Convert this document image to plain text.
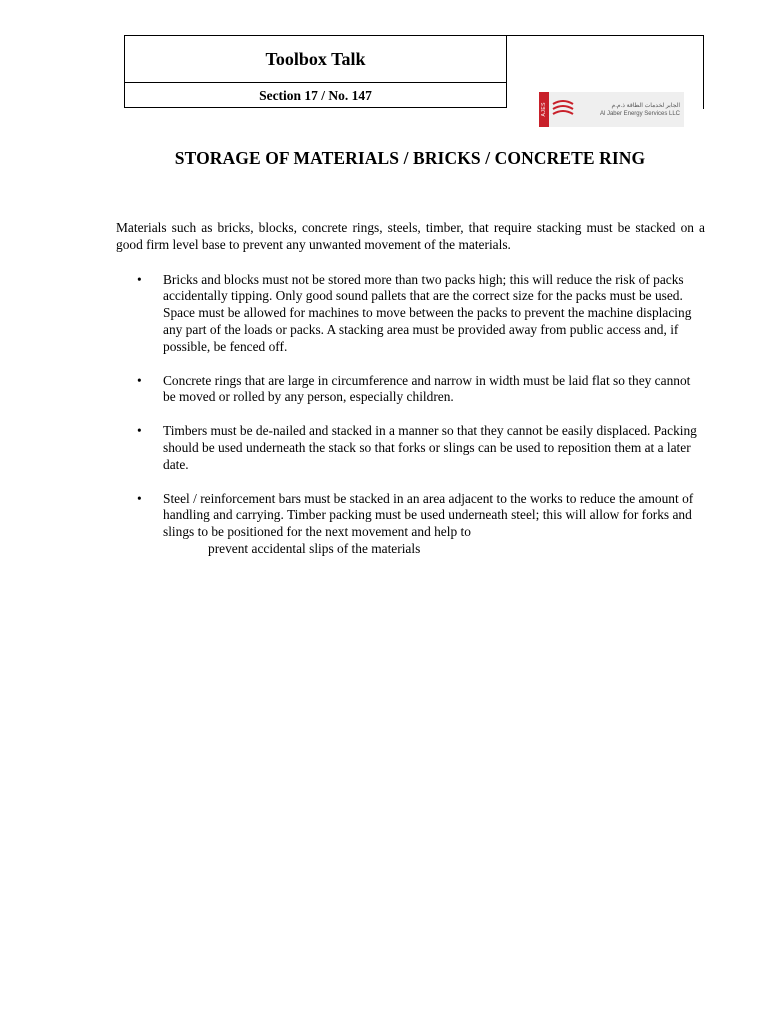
Toolbox Talk
Section 17 / No. 147
AJES	الجابر لخدمات الطاقة ذ.م.م
Al Jaber Energy Services LLC
STORAGE OF MATERIALS / BRICKS / CONCRETE RING

Materials such as bricks, blocks, concrete rings, steels, timber, that require stacking must be stacked on a good firm level base to prevent any unwanted movement of the materials.

• Bricks and blocks must not be stored more than two packs high; this will reduce the risk of packs accidentally tipping. Only good sound pallets that are the correct size for the packs must be used. Space must be allowed for machines to move between the packs to prevent the machine displacing any part of the loads or packs. A stacking area must be provided away from public access and, if possible, be fenced off.
• Concrete rings that are large in circumference and narrow in width must be laid flat so they cannot be moved or rolled by any person, especially children.
• Timbers must be de-nailed and stacked in a manner so that they cannot be easily displaced. Packing should be used underneath the stack so that forks or slings can be used to reposition them at a later date.
• Steel / reinforcement bars must be stacked in an area adjacent to the works to reduce the amount of handling and carrying. Timber packing must be used underneath steel; this will allow for forks and slings to be positioned for the next movement and help to
prevent accidental slips of the materials
